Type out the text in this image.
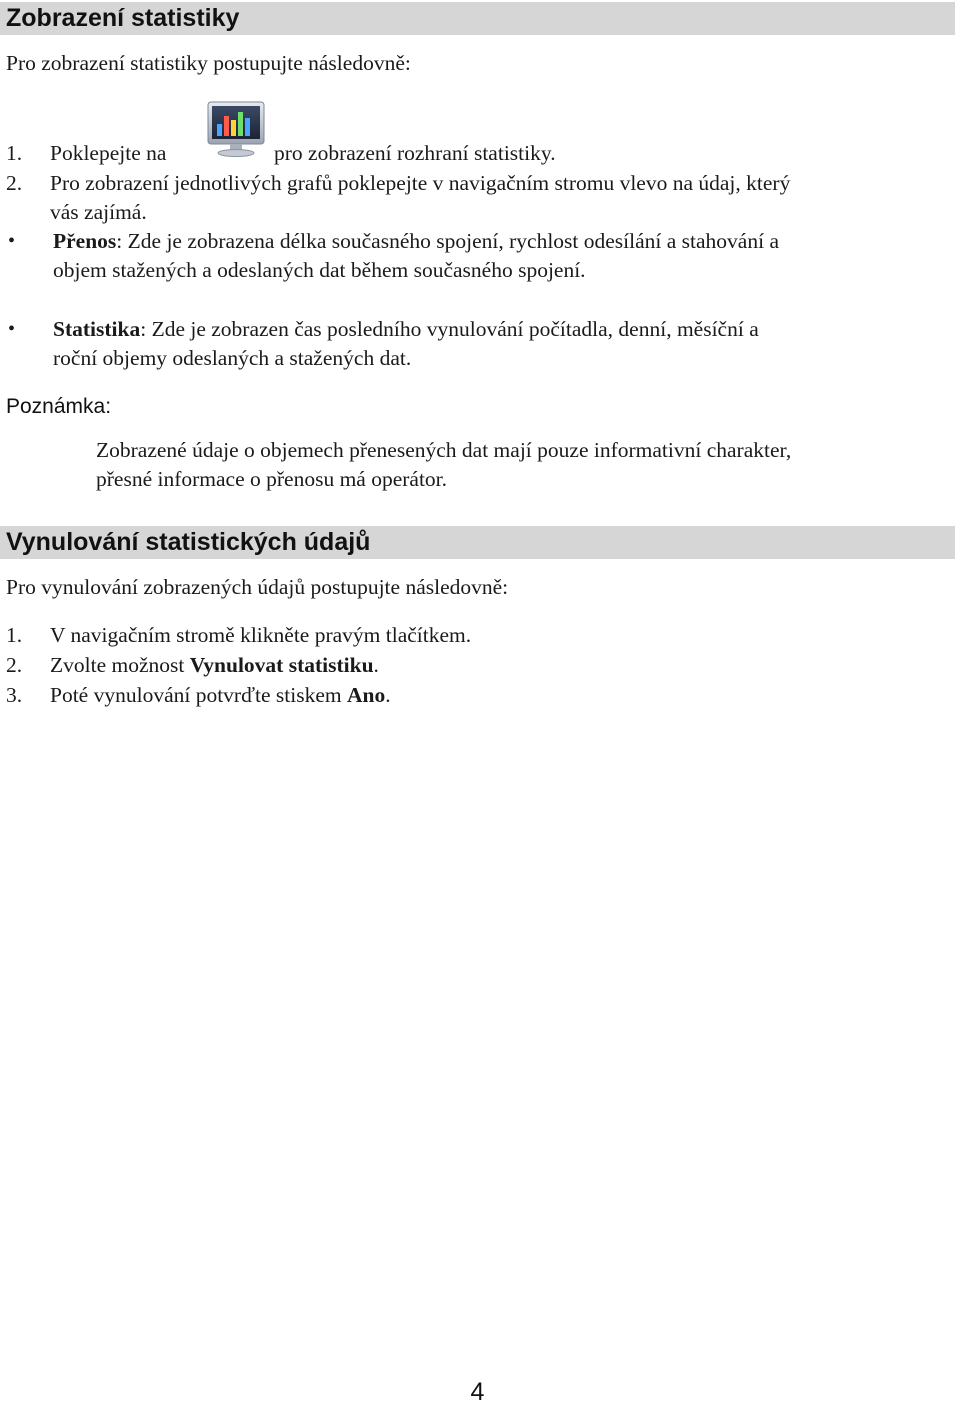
Zobrazení statistiky
Pro zobrazení statistiky postupujte následovně:
1. Poklepejte na	pro zobrazení rozhraní statistiky.
2. Pro zobrazení jednotlivých grafů poklepejte v navigačním stromu vlevo na údaj, který
vás zajímá.
• Přenos: Zde je zobrazena délka současného spojení, rychlost odesílání a stahování a
objem stažených a odeslaných dat během současného spojení.
• Statistika: Zde je zobrazen čas posledního vynulování počítadla, denní, měsíční a
roční objemy odeslaných a stažených dat.
Poznámka:
Zobrazené údaje o objemech přenesených dat mají pouze informativní charakter,
přesné informace o přenosu má operátor.
Vynulování statistických údajů
Pro vynulování zobrazených údajů postupujte následovně:
1. V navigačním stromě klikněte pravým tlačítkem.
2. Zvolte možnost Vynulovat statistiku.
3. Poté vynulování potvrďte stiskem Ano.
4
